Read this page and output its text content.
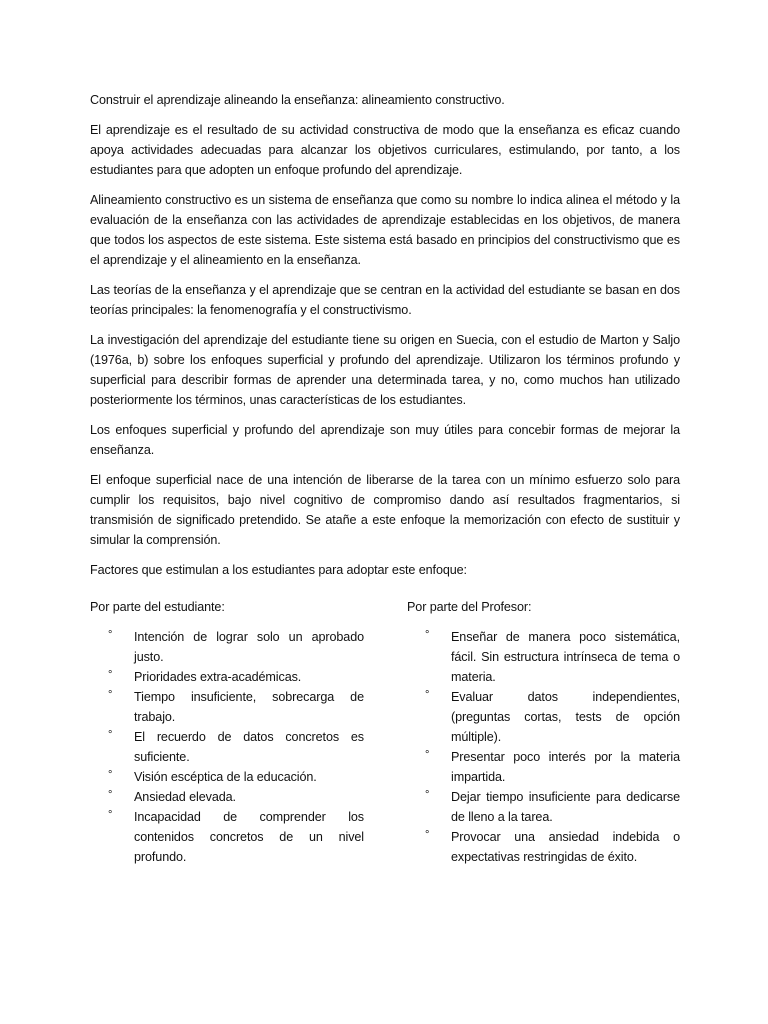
Construir el aprendizaje alineando la enseñanza: alineamiento constructivo.

El aprendizaje es el resultado de su actividad constructiva de modo que la enseñanza es eficaz cuando apoya actividades adecuadas para alcanzar los objetivos curriculares, estimulando, por tanto, a los estudiantes para que adopten un enfoque profundo del aprendizaje.

Alineamiento constructivo es un sistema de enseñanza que como su nombre lo indica alinea el método y la evaluación de la enseñanza con las actividades de aprendizaje establecidas en los objetivos, de manera que todos los aspectos de este sistema. Este sistema está basado en principios del constructivismo que es el aprendizaje y el alineamiento en la enseñanza.

Las teorías de la enseñanza y el aprendizaje que se centran en la actividad del estudiante se basan en dos teorías principales: la fenomenografía y el constructivismo.

La investigación del aprendizaje del estudiante tiene su origen en Suecia, con el estudio de Marton y Saljo (1976a, b) sobre los enfoques superficial y profundo del aprendizaje. Utilizaron los términos profundo y superficial para describir formas de aprender una determinada tarea, y no, como muchos han utilizado posteriormente los términos, unas características de los estudiantes.

Los enfoques superficial y profundo del aprendizaje son muy útiles para concebir formas de mejorar la enseñanza.

El enfoque superficial nace de una intención de liberarse de la tarea con un mínimo esfuerzo solo para cumplir los requisitos, bajo nivel cognitivo de compromiso dando así resultados fragmentarios, si transmisión de significado pretendido. Se atañe a este enfoque la memorización con efecto de sustituir y simular la comprensión.

Factores que estimulan a los estudiantes para adoptar este enfoque:

Por parte del estudiante:

° Intención de lograr solo un aprobado justo.
° Prioridades extra-académicas.
° Tiempo insuficiente, sobrecarga de trabajo.
° El recuerdo de datos concretos es suficiente.
° Visión escéptica de la educación.
° Ansiedad elevada.
° Incapacidad de comprender los contenidos concretos de un nivel profundo.

Por parte del Profesor:

° Enseñar de manera poco sistemática, fácil. Sin estructura intrínseca de tema o materia.
° Evaluar datos independientes, (preguntas cortas, tests de opción múltiple).
° Presentar poco interés por la materia impartida.
° Dejar tiempo insuficiente para dedicarse de lleno a la tarea.
° Provocar una ansiedad indebida o expectativas restringidas de éxito.
